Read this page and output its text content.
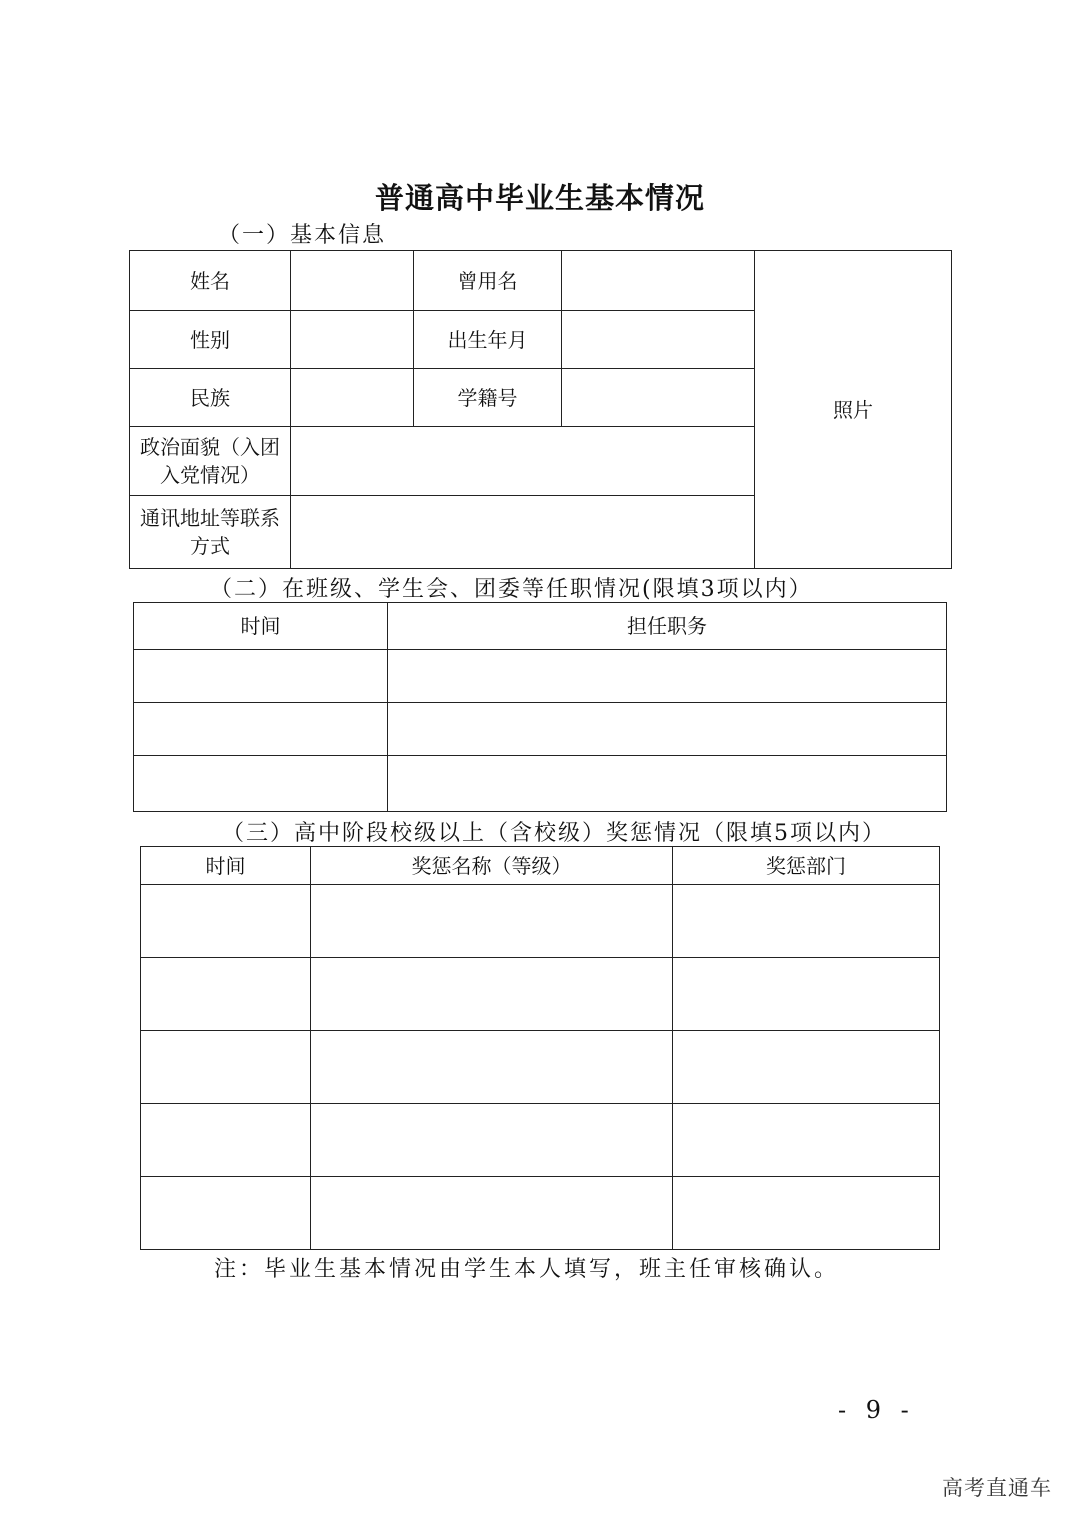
普通高中毕业生基本情况
（一）基本信息
姓名		曾用名		照片
性别		出生年月		
民族		学籍号		
政治面貌（入团入党情况）				
通讯地址等联系方式				
（二）在班级、学生会、团委等任职情况(限填3项以内）
时间	担任职务

（三）高中阶段校级以上（含校级）奖惩情况（限填5项以内）
时间	奖惩名称（等级）	奖惩部门

注：毕业生基本情况由学生本人填写，班主任审核确认。
- 9 -
高考直通车
